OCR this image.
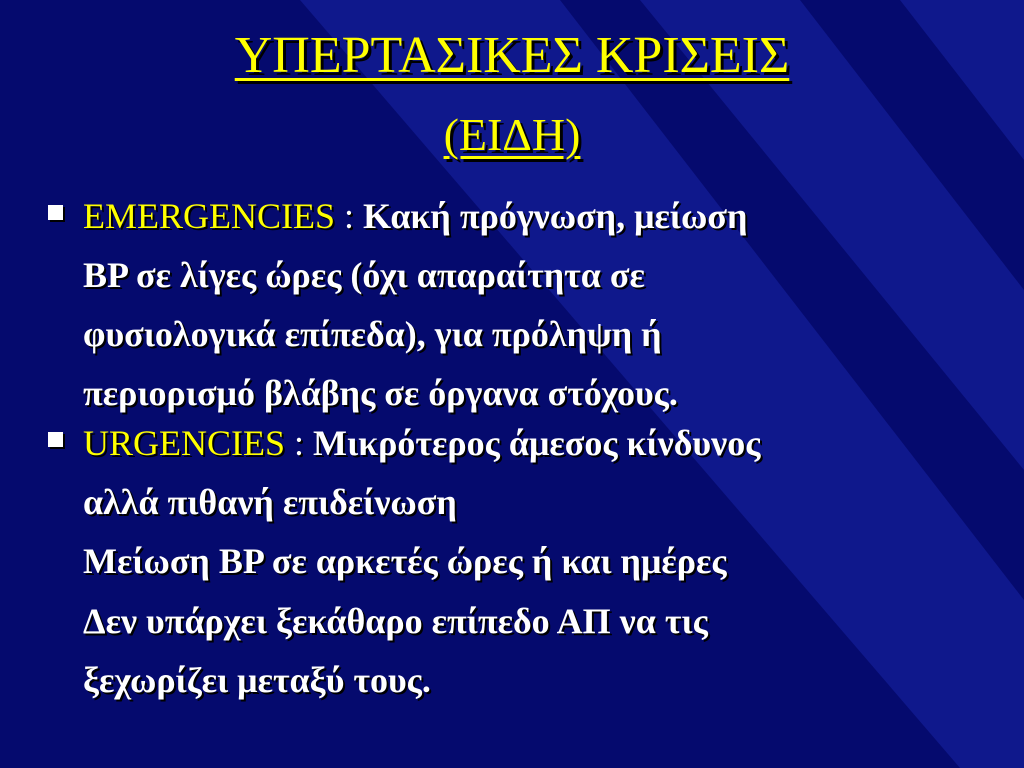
ΥΠΕΡΤΑΣΙΚΕΣ ΚΡΙΣΕΙΣ
(ΕΙΔΗ)
EMERGENCIES : Κακή πρόγνωση, μείωση
BP σε λίγες ώρες (όχι απαραίτητα σε
φυσιολογικά επίπεδα), για πρόληψη ή
περιορισμό βλάβης σε όργανα στόχους.
URGENCIES : Μικρότερος άμεσος κίνδυνος
αλλά πιθανή επιδείνωση
Μείωση BP σε αρκετές ώρες ή και ημέρες
Δεν υπάρχει ξεκάθαρο επίπεδο ΑΠ να τις
ξεχωρίζει μεταξύ τους.
